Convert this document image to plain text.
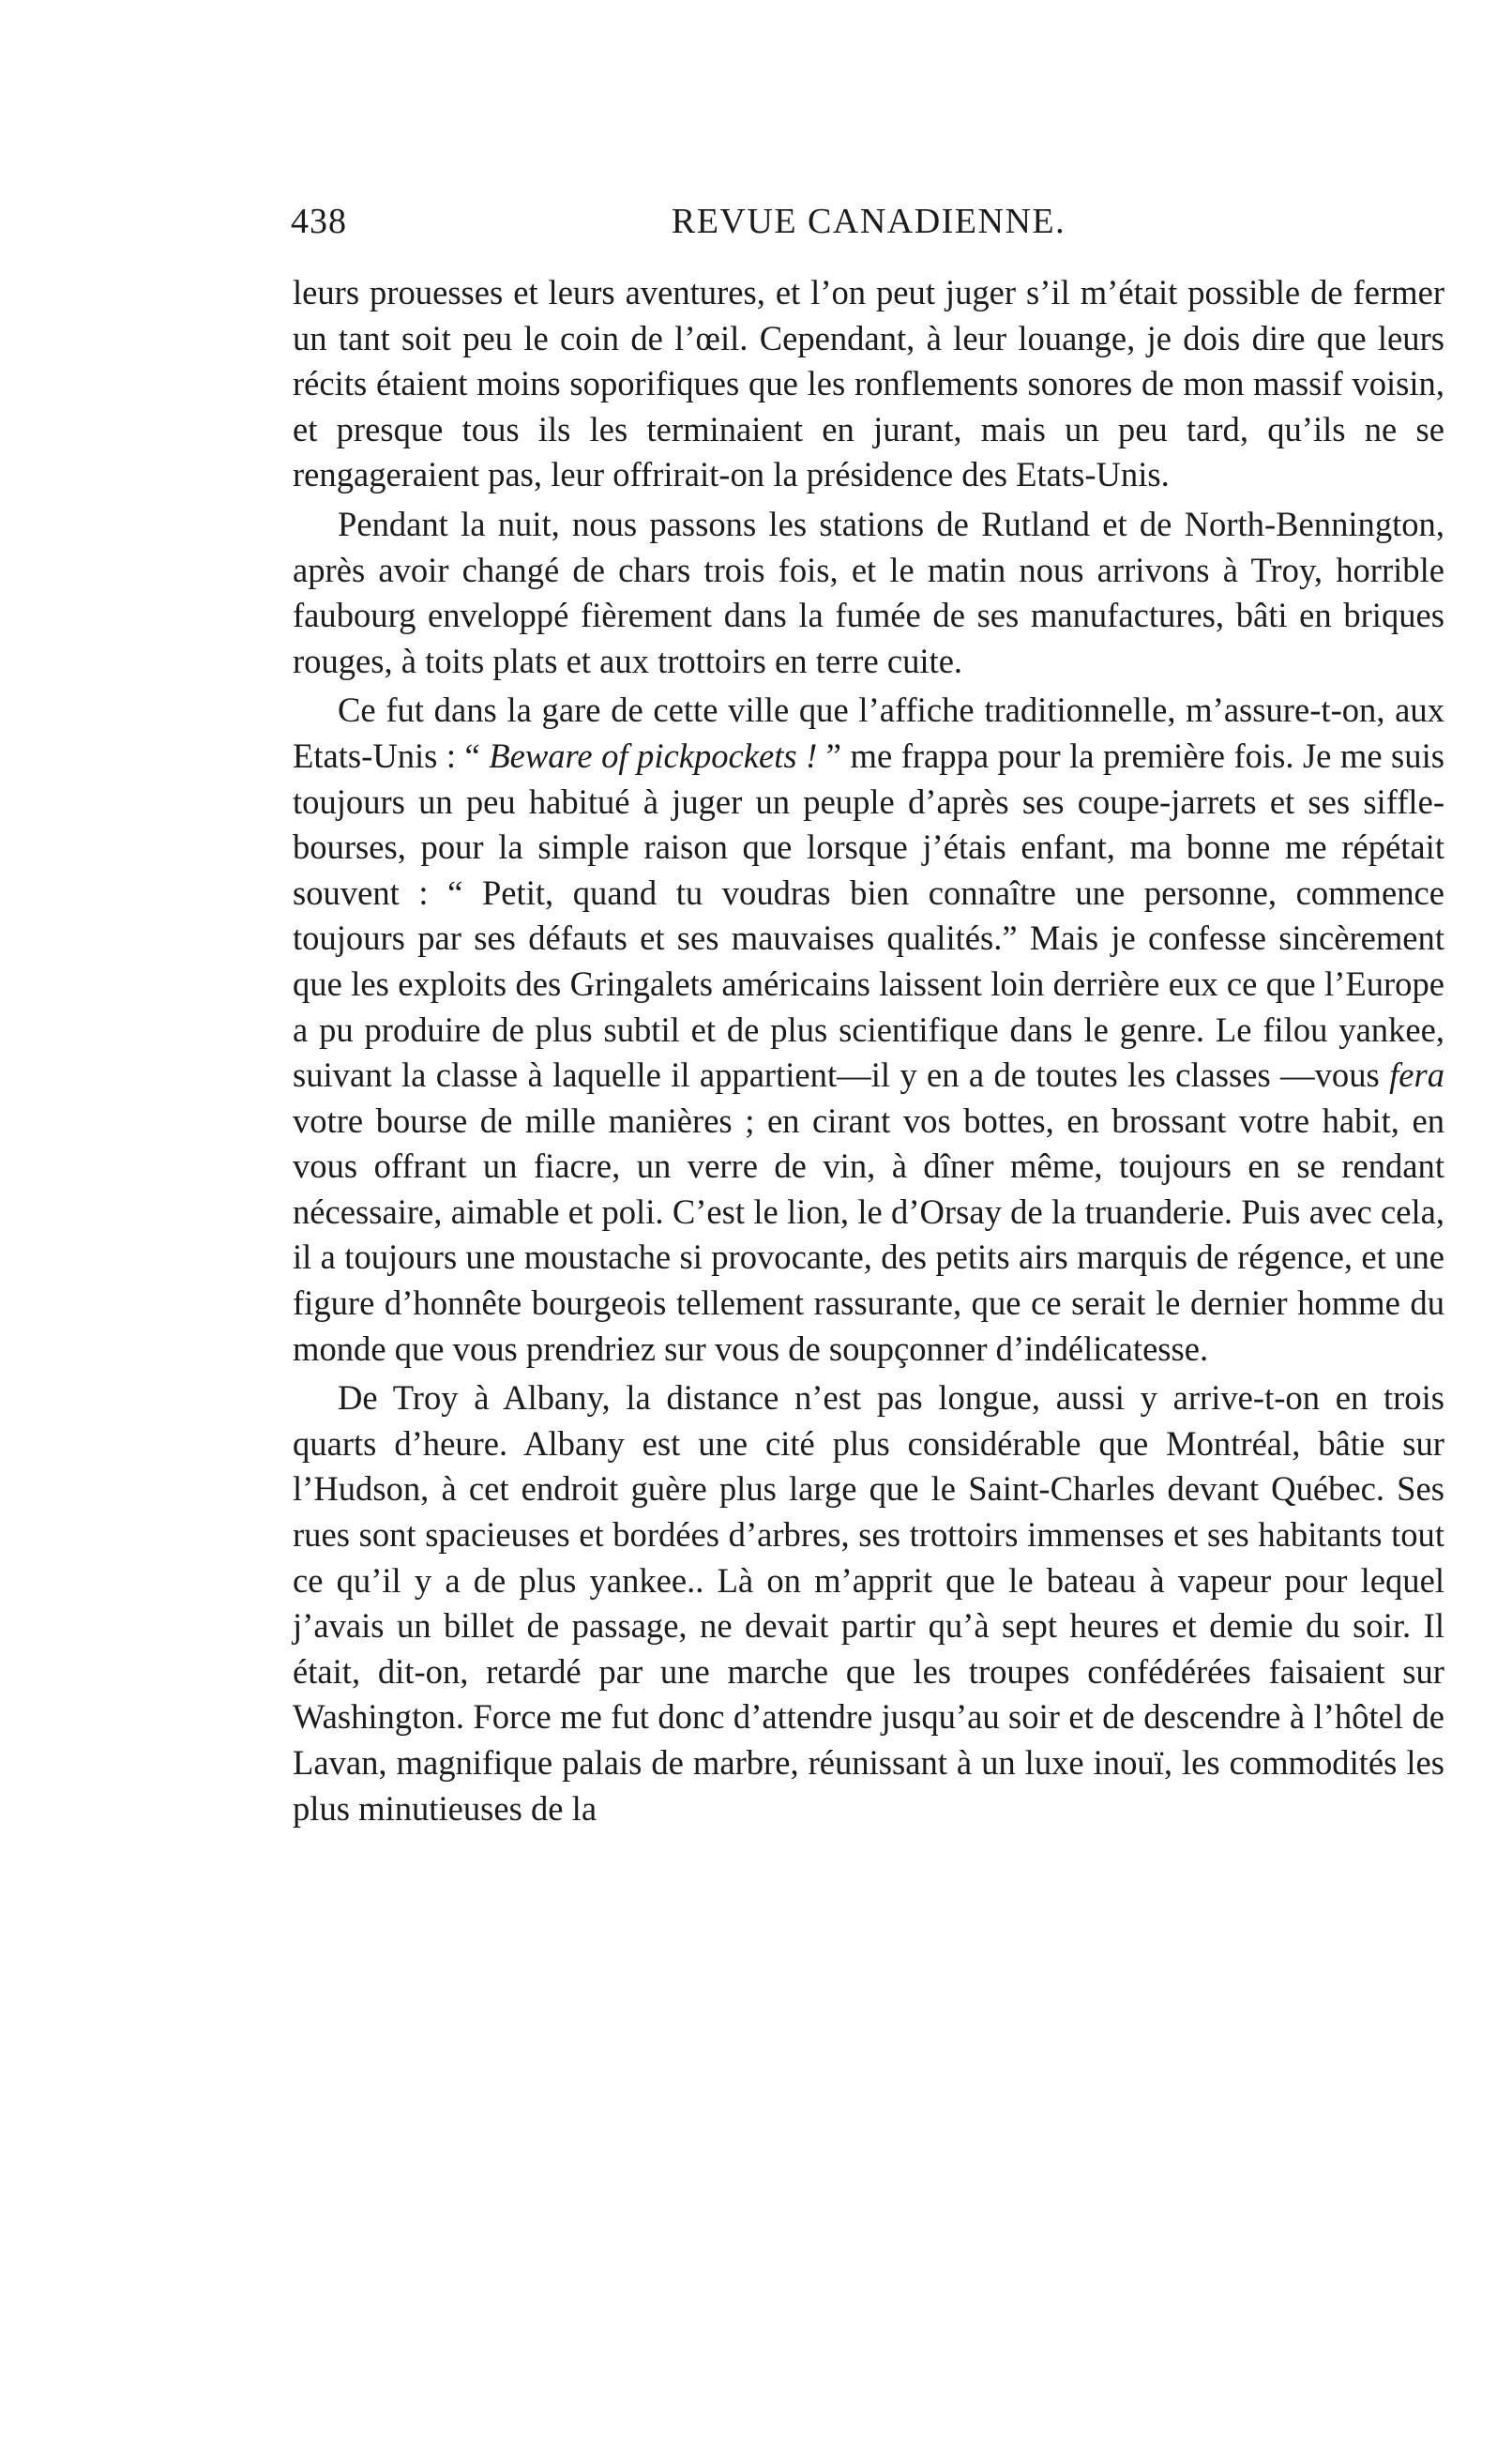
438	REVUE CANADIENNE.

leurs prouesses et leurs aventures, et l’on peut juger s’il m’était possible de fermer un tant soit peu le coin de l’œil. Cependant, à leur louange, je dois dire que leurs récits étaient moins soporifiques que les ronflements sonores de mon massif voisin, et presque tous ils les terminaient en jurant, mais un peu tard, qu’ils ne se rengageraient pas, leur offrirait-on la présidence des Etats-Unis.

Pendant la nuit, nous passons les stations de Rutland et de North-Bennington, après avoir changé de chars trois fois, et le matin nous arrivons à Troy, horrible faubourg enveloppé fièrement dans la fumée de ses manufactures, bâti en briques rouges, à toits plats et aux trottoirs en terre cuite.

Ce fut dans la gare de cette ville que l’affiche traditionnelle, m’assure-t-on, aux Etats-Unis : “ Beware of pickpockets ! ” me frappa pour la première fois. Je me suis toujours un peu habitué à juger un peuple d’après ses coupe-jarrets et ses siffle-bourses, pour la simple raison que lorsque j’étais enfant, ma bonne me répétait souvent : “ Petit, quand tu voudras bien connaître une personne, commence toujours par ses défauts et ses mauvaises qualités.” Mais je confesse sincèrement que les exploits des Gringalets américains laissent loin derrière eux ce que l’Europe a pu produire de plus subtil et de plus scientifique dans le genre. Le filou yankee, suivant la classe à laquelle il appartient—il y en a de toutes les classes —vous fera votre bourse de mille manières ; en cirant vos bottes, en brossant votre habit, en vous offrant un fiacre, un verre de vin, à dîner même, toujours en se rendant nécessaire, aimable et poli. C’est le lion, le d’Orsay de la truanderie. Puis avec cela, il a toujours une moustache si provocante, des petits airs marquis de régence, et une figure d’honnête bourgeois tellement rassurante, que ce serait le dernier homme du monde que vous prendriez sur vous de soupçonner d’indélicatesse.

De Troy à Albany, la distance n’est pas longue, aussi y arrive-t-on en trois quarts d’heure. Albany est une cité plus considérable que Montréal, bâtie sur l’Hudson, à cet endroit guère plus large que le Saint-Charles devant Québec. Ses rues sont spacieuses et bordées d’arbres, ses trottoirs immenses et ses habitants tout ce qu’il y a de plus yankee.. Là on m’apprit que le bateau à vapeur pour lequel j’avais un billet de passage, ne devait partir qu’à sept heures et demie du soir. Il était, dit-on, retardé par une marche que les troupes confédérées faisaient sur Washington. Force me fut donc d’attendre jusqu’au soir et de descendre à l’hôtel de Lavan, magnifique palais de marbre, réunissant à un luxe inouï, les commodités les plus minutieuses de la
